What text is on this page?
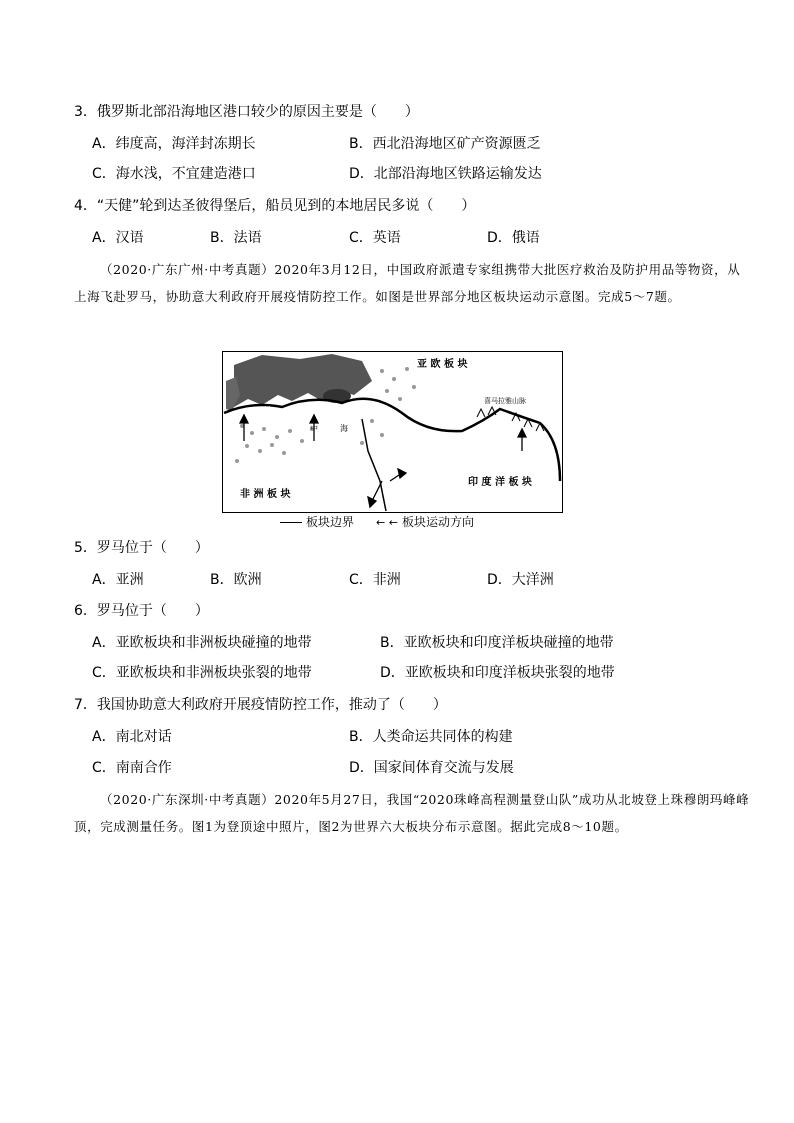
3．俄罗斯北部沿海地区港口较少的原因主要是（　　）
A．纬度高，海洋封冻期长	B．西北沿海地区矿产资源匮乏
C．海水浅，不宜建造港口	D．北部沿海地区铁路运输发达
4．“天健”轮到达圣彼得堡后，船员见到的本地居民多说（　　）
A．汉语	B．法语	C．英语	D．俄语
（2020·广东广州·中考真题）2020年3月12日，中国政府派遣专家组携带大批医疗救治及防护用品等物资，从上海飞赴罗马，协助意大利政府开展疫情防控工作。如图是世界部分地区板块运动示意图。完成5～7题。
亚 欧 板 块
非 洲 板 块
印 度 洋 板 块
地
中	海
喜马拉雅山脉
板块边界 ← ← 板块运动方向
5．罗马位于（　　）
A．亚洲	B．欧洲	C．非洲	D．大洋洲
6．罗马位于（　　）
A．亚欧板块和非洲板块碰撞的地带	B．亚欧板块和印度洋板块碰撞的地带
C．亚欧板块和非洲板块张裂的地带	D．亚欧板块和印度洋板块张裂的地带
7．我国协助意大利政府开展疫情防控工作，推动了（　　）
A．南北对话	B．人类命运共同体的构建
C．南南合作	D．国家间体育交流与发展
（2020·广东深圳·中考真题）2020年5月27日，我国“2020珠峰高程测量登山队”成功从北坡登上珠穆朗玛峰峰顶，完成测量任务。图1为登顶途中照片，图2为世界六大板块分布示意图。据此完成8～10题。
